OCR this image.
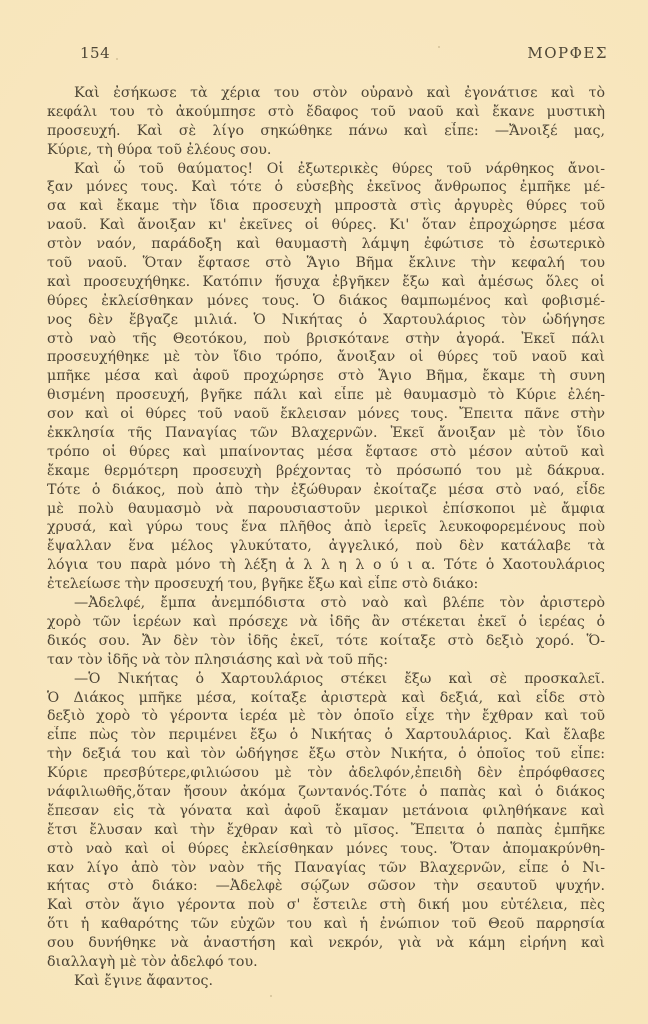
154	ΜΟΡΦΕΣ
Καὶ ἐσήκωσε τὰ χέρια του στὸν οὐρανὸ καὶ ἐγονάτισε καὶ τὸ
κεφάλι του τὸ ἀκούμπησε στὸ ἔδαφος τοῦ ναοῦ καὶ ἔκανε μυστικὴ
προσευχή. Καὶ σὲ λίγο σηκώθηκε πάνω καὶ εἶπε: —Ἄνοιξέ μας,
Κύριε, τὴ θύρα τοῦ ἐλέους σου.
Καὶ ὦ τοῦ θαύματος! Οἱ ἐξωτερικὲς θύρες τοῦ νάρθηκος ἄνοι-
ξαν μόνες τους. Καὶ τότε ὁ εὐσεβὴς ἐκεῖνος ἄνθρωπος ἐμπῆκε μέ-
σα καὶ ἔκαμε τὴν ἴδια προσευχὴ μπροστὰ στὶς ἀργυρὲς θύρες τοῦ
ναοῦ. Καὶ ἄνοιξαν κι' ἐκεῖνες οἱ θύρες. Κι' ὅταν ἐπροχώρησε μέσα
στὸν ναόν, παράδοξη καὶ θαυμαστὴ λάμψη ἐφώτισε τὸ ἐσωτερικὸ
τοῦ ναοῦ. Ὅταν ἔφτασε στὸ Ἅγιο Βῆμα ἔκλινε τὴν κεφαλή του
καὶ προσευχήθηκε. Κατόπιν ἥσυχα ἐβγῆκεν ἔξω καὶ ἀμέσως ὅλες οἱ
θύρες ἐκλείσθηκαν μόνες τους. Ὁ διάκος θαμπωμένος καὶ φοβισμέ-
νος δὲν ἔβγαζε μιλιά. Ὁ Νικήτας ὁ Χαρτουλάριος τὸν ὡδήγησε
στὸ ναὸ τῆς Θεοτόκου, ποὺ βρισκότανε στὴν ἀγορά. Ἐκεῖ πάλι
προσευχήθηκε μὲ τὸν ἴδιο τρόπο, ἄνοιξαν οἱ θύρες τοῦ ναοῦ καὶ
μπῆκε μέσα καὶ ἀφοῦ προχώρησε στὸ Ἅγιο Βῆμα, ἔκαμε τὴ συνη
θισμένη προσευχή, βγῆκε πάλι καὶ εἶπε μὲ θαυμασμὸ τὸ Κύριε ἐλέη-
σον καὶ οἱ θύρες τοῦ ναοῦ ἔκλεισαν μόνες τους. Ἔπειτα πᾶνε στὴν
ἐκκλησία τῆς Παναγίας τῶν Βλαχερνῶν. Ἐκεῖ ἄνοιξαν μὲ τὸν ἴδιο
τρόπο οἱ θύρες καὶ μπαίνοντας μέσα ἔφτασε στὸ μέσον αὐτοῦ καὶ
ἔκαμε θερμότερη προσευχὴ βρέχοντας τὸ πρόσωπό του μὲ δάκρυα.
Τότε ὁ διάκος, ποὺ ἀπὸ τὴν ἐξώθυραν ἐκοίταζε μέσα στὸ ναό, εἶδε
μὲ πολὺ θαυμασμὸ νὰ παρουσιαστοῦν μερικοὶ ἐπίσκοποι μὲ ἄμφια
χρυσά, καὶ γύρω τους ἕνα πλῆθος ἀπὸ ἱερεῖς λευκοφορεμένους ποὺ
ἔψαλλαν ἕνα μέλος γλυκύτατο, ἀγγελικό, ποὺ δὲν κατάλαβε τὰ
λόγια του παρὰ μόνο τὴ λέξη ἀ λ λ η λ ο ύ ι α. Τότε ὁ Χαοτουλάριος
ἐτελείωσε τὴν προσευχή του, βγῆκε ἔξω καὶ εἶπε στὸ διάκο:
—Ἀδελφέ, ἔμπα ἀνεμπόδιστα στὸ ναὸ καὶ βλέπε τὸν ἀριστερὸ
χορὸ τῶν ἱερέων καὶ πρόσεχε νὰ ἰδῆς ἂν στέκεται ἐκεῖ ὁ ἱερέας ὁ
δικός σου. Ἄν δὲν τὸν ἰδῆς ἐκεῖ, τότε κοίταξε στὸ δεξιὸ χορό. Ὅ-
ταν τὸν ἰδῆς νὰ τὸν πλησιάσης καὶ νὰ τοῦ πῆς:
—Ὁ Νικήτας ὁ Χαρτουλάριος στέκει ἔξω καὶ σὲ προσκαλεῖ.
Ὁ Διάκος μπῆκε μέσα, κοίταξε ἀριστερὰ καὶ δεξιά, καὶ εἶδε στὸ
δεξιὸ χορὸ τὸ γέροντα ἱερέα μὲ τὸν ὁποῖο εἶχε τὴν ἔχθραν καὶ τοῦ
εἶπε πὼς τὸν περιμένει ἔξω ὁ Νικήτας ὁ Χαρτουλάριος. Καὶ ἔλαβε
τὴν δεξιά του καὶ τὸν ὡδήγησε ἔξω στὸν Νικήτα, ὁ ὁποῖος τοῦ εἶπε:
Κύριε πρεσβύτερε,φιλιώσου μὲ τὸν ἀδελφόν,ἐπειδὴ δὲν ἐπρόφθασες
νάφιλιωθῆς,ὅταν ἤσουν ἀκόμα ζωντανός.Τότε ὁ παπὰς καὶ ὁ διάκος
ἔπεσαν εἰς τὰ γόνατα καὶ ἀφοῦ ἔκαμαν μετάνοια φιληθήκανε καὶ
ἔτσι ἔλυσαν καὶ τὴν ἔχθραν καὶ τὸ μῖσος. Ἔπειτα ὁ παπὰς ἐμπῆκε
στὸ ναὸ καὶ οἱ θύρες ἐκλείσθηκαν μόνες τους. Ὅταν ἀπομακρύνθη-
καν λίγο ἀπὸ τὸν ναὸν τῆς Παναγίας τῶν Βλαχερνῶν, εἶπε ὁ Νι-
κήτας στὸ διάκο: —Ἀδελφὲ σῴζων σῶσον τὴν σεαυτοῦ ψυχήν.
Καὶ στὸν ἅγιο γέροντα ποὺ σ' ἔστειλε στὴ δική μου εὐτέλεια, πὲς
ὅτι ἡ καθαρότης τῶν εὐχῶν του καὶ ἡ ἐνώπιον τοῦ Θεοῦ παρρησία
σου δυνήθηκε νὰ ἀναστήση καὶ νεκρόν, γιὰ νὰ κάμη εἰρήνη καὶ
διαλλαγὴ μὲ τὸν ἀδελφό του.
Καὶ ἔγινε ἄφαντος.
